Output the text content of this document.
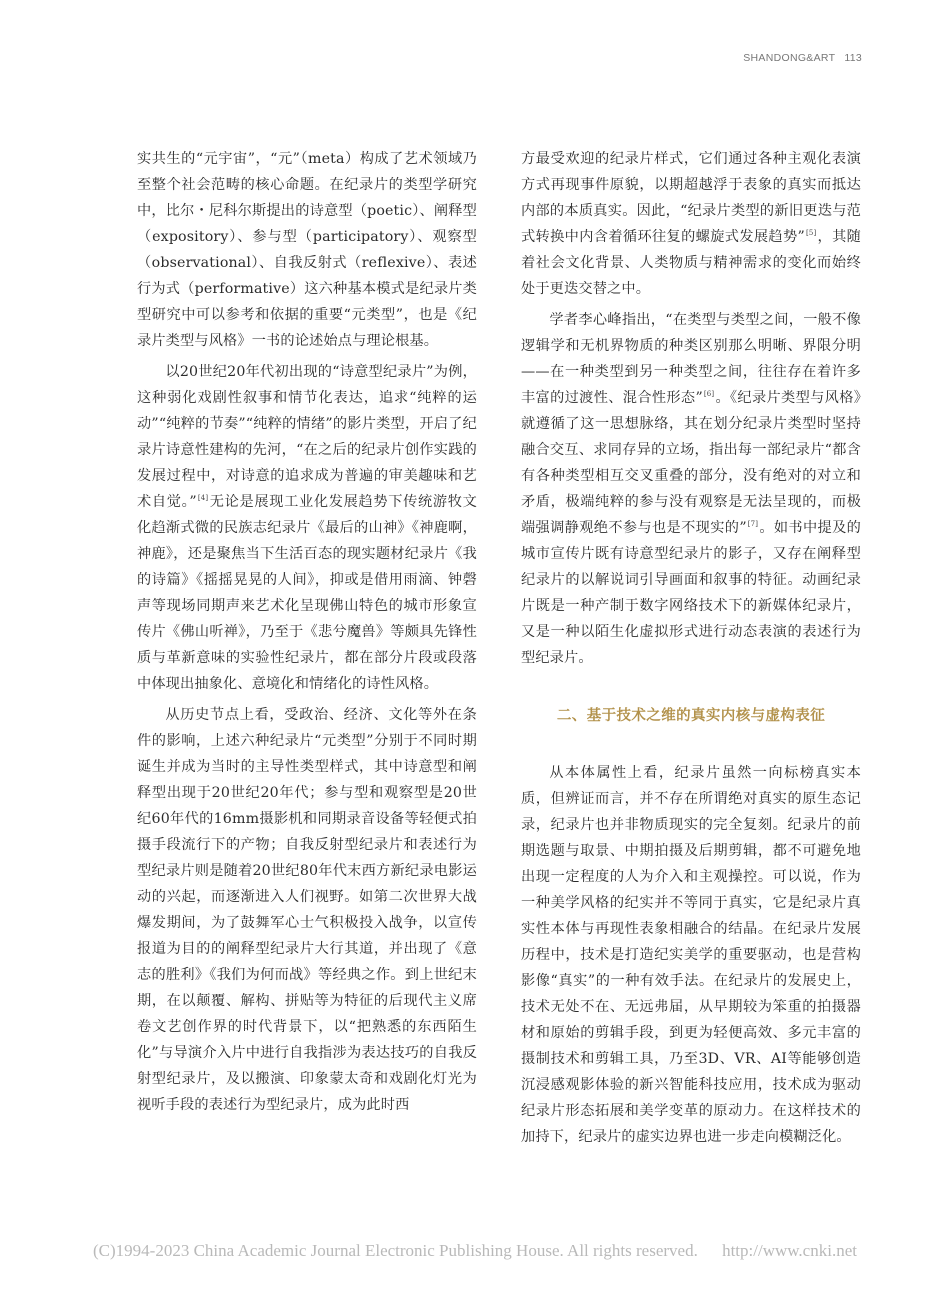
SHANDONG&ART 113

实共生的“元宇宙”，“元”（meta）构成了艺术领域乃至整个社会范畴的核心命题。在纪录片的类型学研究中，比尔・尼科尔斯提出的诗意型（poetic）、阐释型（expository）、参与型（participatory）、观察型（observational）、自我反射式（reflexive）、表述行为式（performative）这六种基本模式是纪录片类型研究中可以参考和依据的重要“元类型”，也是《纪录片类型与风格》一书的论述始点与理论根基。

以20世纪20年代初出现的“诗意型纪录片”为例，这种弱化戏剧性叙事和情节化表达，追求“纯粹的运动”“纯粹的节奏”“纯粹的情绪”的影片类型，开启了纪录片诗意性建构的先河，“在之后的纪录片创作实践的发展过程中，对诗意的追求成为普遍的审美趣味和艺术自觉。”[4]无论是展现工业化发展趋势下传统游牧文化趋渐式微的民族志纪录片《最后的山神》《神鹿啊，神鹿》，还是聚焦当下生活百态的现实题材纪录片《我的诗篇》《摇摇晃晃的人间》，抑或是借用雨滴、钟磬声等现场同期声来艺术化呈现佛山特色的城市形象宣传片《佛山听禅》，乃至于《悲兮魔兽》等颇具先锋性质与革新意味的实验性纪录片，都在部分片段或段落中体现出抽象化、意境化和情绪化的诗性风格。

从历史节点上看，受政治、经济、文化等外在条件的影响，上述六种纪录片“元类型”分别于不同时期诞生并成为当时的主导性类型样式，其中诗意型和阐释型出现于20世纪20年代；参与型和观察型是20世纪60年代的16mm摄影机和同期录音设备等轻便式拍摄手段流行下的产物；自我反射型纪录片和表述行为型纪录片则是随着20世纪80年代末西方新纪录电影运动的兴起，而逐渐进入人们视野。如第二次世界大战爆发期间，为了鼓舞军心士气积极投入战争，以宣传报道为目的的阐释型纪录片大行其道，并出现了《意志的胜利》《我们为何而战》等经典之作。到上世纪末期，在以颠覆、解构、拼贴等为特征的后现代主义席卷文艺创作界的时代背景下，以“把熟悉的东西陌生化”与导演介入片中进行自我指涉为表达技巧的自我反射型纪录片，及以搬演、印象蒙太奇和戏剧化灯光为视听手段的表述行为型纪录片，成为此时西

方最受欢迎的纪录片样式，它们通过各种主观化表演方式再现事件原貌，以期超越浮于表象的真实而抵达内部的本质真实。因此，“纪录片类型的新旧更迭与范式转换中内含着循环往复的螺旋式发展趋势”[5]，其随着社会文化背景、人类物质与精神需求的变化而始终处于更迭交替之中。

学者李心峰指出，“在类型与类型之间，一般不像逻辑学和无机界物质的种类区别那么明晰、界限分明——在一种类型到另一种类型之间，往往存在着许多丰富的过渡性、混合性形态”[6]。《纪录片类型与风格》就遵循了这一思想脉络，其在划分纪录片类型时坚持融合交互、求同存异的立场，指出每一部纪录片“都含有各种类型相互交叉重叠的部分，没有绝对的对立和矛盾，极端纯粹的参与没有观察是无法呈现的，而极端强调静观绝不参与也是不现实的”[7]。如书中提及的城市宣传片既有诗意型纪录片的影子，又存在阐释型纪录片的以解说词引导画面和叙事的特征。动画纪录片既是一种产制于数字网络技术下的新媒体纪录片，又是一种以陌生化虚拟形式进行动态表演的表述行为型纪录片。

二、基于技术之维的真实内核与虚构表征

从本体属性上看，纪录片虽然一向标榜真实本质，但辨证而言，并不存在所谓绝对真实的原生态记录，纪录片也并非物质现实的完全复刻。纪录片的前期选题与取景、中期拍摄及后期剪辑，都不可避免地出现一定程度的人为介入和主观操控。可以说，作为一种美学风格的纪实并不等同于真实，它是纪录片真实性本体与再现性表象相融合的结晶。在纪录片发展历程中，技术是打造纪实美学的重要驱动，也是营构影像“真实”的一种有效手法。在纪录片的发展史上，技术无处不在、无远弗届，从早期较为笨重的拍摄器材和原始的剪辑手段，到更为轻便高效、多元丰富的摄制技术和剪辑工具，乃至3D、VR、AI等能够创造沉浸感观影体验的新兴智能科技应用，技术成为驱动纪录片形态拓展和美学变革的原动力。在这样技术的加持下，纪录片的虚实边界也进一步走向模糊泛化。

(C)1994-2023 China Academic Journal Electronic Publishing House. All rights reserved. http://www.cnki.net
